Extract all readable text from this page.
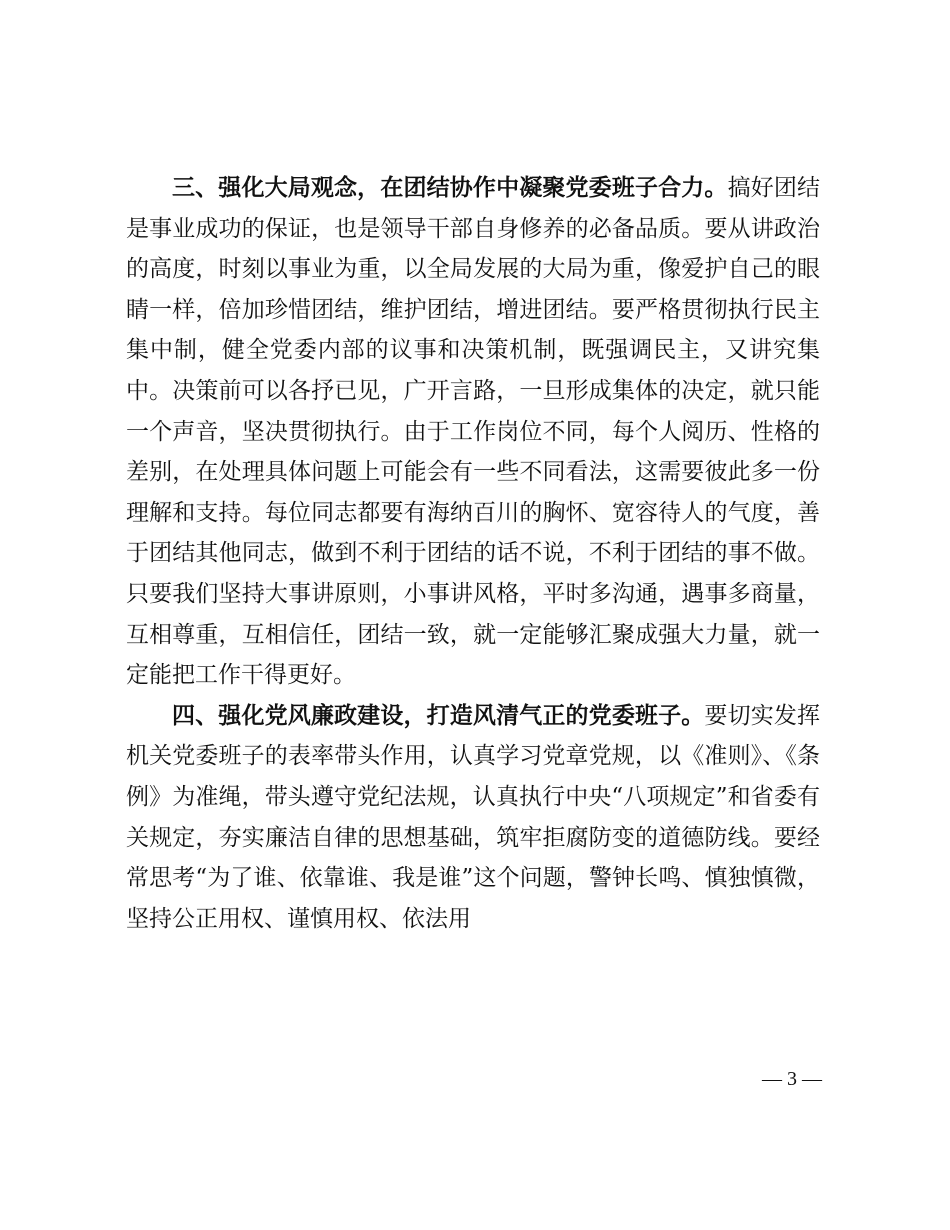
三、强化大局观念，在团结协作中凝聚党委班子合力。搞好团结是事业成功的保证，也是领导干部自身修养的必备品质。要从讲政治的高度，时刻以事业为重，以全局发展的大局为重，像爱护自己的眼睛一样，倍加珍惜团结，维护团结，增进团结。要严格贯彻执行民主集中制，健全党委内部的议事和决策机制，既强调民主，又讲究集中。决策前可以各抒已见，广开言路，一旦形成集体的决定，就只能一个声音，坚决贯彻执行。由于工作岗位不同，每个人阅历、性格的差别，在处理具体问题上可能会有一些不同看法，这需要彼此多一份理解和支持。每位同志都要有海纳百川的胸怀、宽容待人的气度，善于团结其他同志，做到不利于团结的话不说，不利于团结的事不做。只要我们坚持大事讲原则，小事讲风格，平时多沟通，遇事多商量，互相尊重，互相信任，团结一致，就一定能够汇聚成强大力量，就一定能把工作干得更好。

四、强化党风廉政建设，打造风清气正的党委班子。要切实发挥机关党委班子的表率带头作用，认真学习党章党规，以《准则》、《条例》为准绳，带头遵守党纪法规，认真执行中央“八项规定”和省委有关规定，夯实廉洁自律的思想基础，筑牢拒腐防变的道德防线。要经常思考“为了谁、依靠谁、我是谁”这个问题，警钟长鸣、慎独慎微，坚持公正用权、谨慎用权、依法用

— 3 —
